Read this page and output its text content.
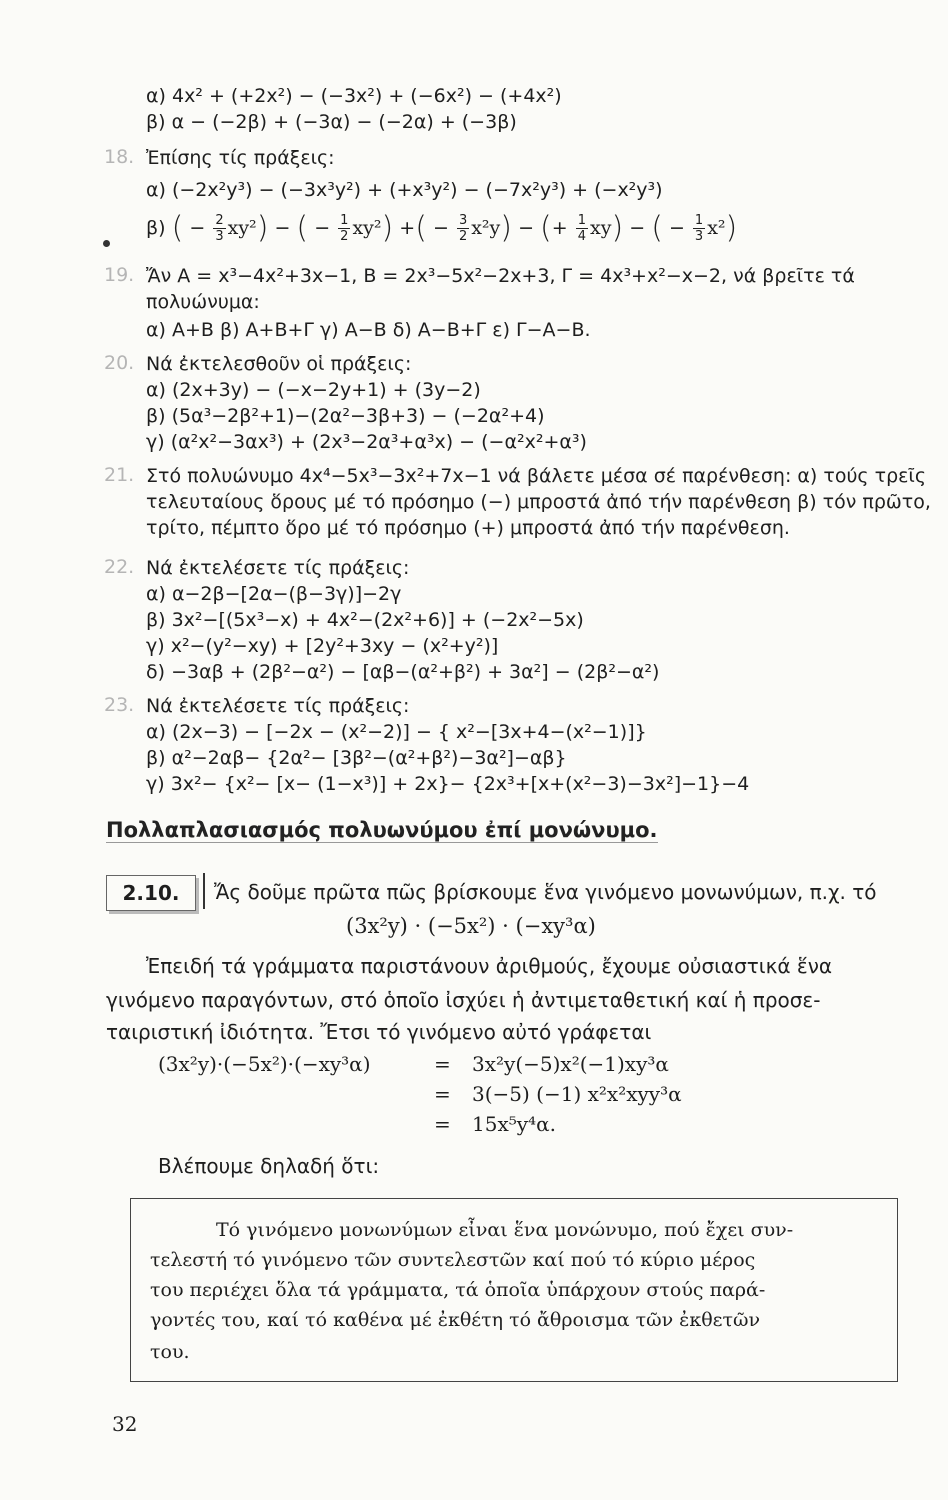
α) 4x² + (+2x²) − (−3x²) + (−6x²) − (+4x²)
β) α − (−2β) + (−3α) − (−2α) + (−3β)
18. Ἐπίσης τίς πράξεις:
α) (−2x²y³) − (−3x³y²) + (+x³y²) − (−7x²y³) + (−x²y³)
β) ( − $\frac{2}{3} xy^2$) − ( − $\frac{1}{2} xy^2$) +( − $\frac{3}{2} x^2y$) − (+ $\frac{1}{4} xy$) − ( − $\frac{1}{3} x^2$)
19. Ἄν Α = x³−4x²+3x−1, Β = 2x³−5x²−2x+3, Γ = 4x³+x²−x−2, νά βρεῖτε τά
πολυώνυμα:
α) Α+Β β) Α+Β+Γ γ) Α−Β δ) Α−Β+Γ ε) Γ−Α−Β.
20. Νά ἐκτελεσθοῦν οἱ πράξεις:
α) (2x+3y) − (−x−2y+1) + (3y−2)
β) (5α³−2β²+1)−(2α²−3β+3) − (−2α²+4)
γ) (α²x²−3αx³) + (2x³−2α³+α³x) − (−α²x²+α³)
21. Στό πολυώνυμο 4x⁴−5x³−3x²+7x−1 νά βάλετε μέσα σέ παρένθεση: α) τούς τρεῖς
τελευταίους ὅρους μέ τό πρόσημο (−) μπροστά ἀπό τήν παρένθεση β) τόν πρῶτο,
τρίτο, πέμπτο ὅρο μέ τό πρόσημο (+) μπροστά ἀπό τήν παρένθεση.
22. Νά ἐκτελέσετε τίς πράξεις:
α) α−2β−[2α−(β−3γ)]−2γ
β) 3x²−[(5x³−x) + 4x²−(2x²+6)] + (−2x²−5x)
γ) x²−(y²−xy) + [2y²+3xy − (x²+y²)]
δ) −3αβ + (2β²−α²) − [αβ−(α²+β²) + 3α²] − (2β²−α²)
23. Νά ἐκτελέσετε τίς πράξεις:
α) (2x−3) − [−2x − (x²−2)] − { x²−[3x+4−(x²−1)]}
β) α²−2αβ− {2α²− [3β²−(α²+β²)−3α²]−αβ}
γ) 3x²− {x²− [x− (1−x³)] + 2x}− {2x³+[x+(x²−3)−3x²]−1}−4
Πολλαπλασιασμός πολυωνύμου ἐπί μονώνυμο.
2.10.	Ἄς δοῦμε πρῶτα πῶς βρίσκουμε ἕνα γινόμενο μονωνύμων, π.χ. τό
(3x²y) · (−5x²) · (−xy³α)
Ἐπειδή τά γράμματα παριστάνουν ἀριθμούς, ἔχουμε οὐσιαστικά ἕνα
γινόμενο παραγόντων, στό ὁποῖο ἰσχύει ἡ ἀντιμεταθετική καί ἡ προσε-
ταιριστική ἰδιότητα. Ἔτσι τό γινόμενο αὐτό γράφεται
(3x²y)·(−5x²)·(−xy³α)	= 3x²y(−5)x²(−1)xy³α
= 3(−5) (−1) x²x²xyy³α
= 15x⁵y⁴α.
Βλέπουμε δηλαδή ὅτι:
Τό γινόμενο μονωνύμων εἶναι ἕνα μονώνυμο, πού ἔχει συν-
τελεστή τό γινόμενο τῶν συντελεστῶν καί πού τό κύριο μέρος
του περιέχει ὅλα τά γράμματα, τά ὁποῖα ὑπάρχουν στούς παρά-
γοντές του, καί τό καθένα μέ ἐκθέτη τό ἄθροισμα τῶν ἐκθετῶν
του.
32
